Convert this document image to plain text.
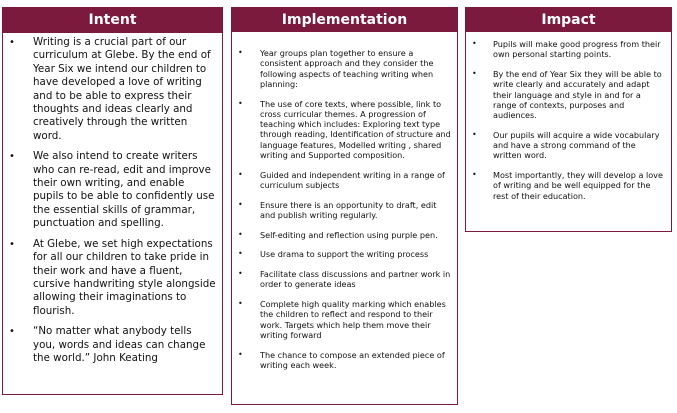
Intent
• Writing is a crucial part of our curriculum at Glebe. By the end of Year Six we intend our children to have developed a love of writing and to be able to express their thoughts and ideas clearly and creatively through the written word.
• We also intend to create writers who can re-read, edit and improve their own writing, and enable pupils to be able to confidently use the essential skills of grammar, punctuation and spelling.
• At Glebe, we set high expectations for all our children to take pride in their work and have a fluent, cursive handwriting style alongside allowing their imaginations to flourish.
• “No matter what anybody tells you, words and ideas can change the world.” John Keating
Implementation
• Year groups plan together to ensure a consistent approach and they consider the following aspects of teaching writing when planning:
• The use of core texts, where possible, link to cross curricular themes. A progression of teaching which includes: Exploring text type through reading, Identification of structure and language features, Modelled writing , shared writing and Supported composition.
• Guided and independent writing in a range of curriculum subjects
• Ensure there is an opportunity to draft, edit and publish writing regularly.
• Self-editing and reflection using purple pen.
• Use drama to support the writing process
• Facilitate class discussions and partner work in order to generate ideas
• Complete high quality marking which enables the children to reflect and respond to their work. Targets which help them move their writing forward
• The chance to compose an extended piece of writing each week.
Impact
• Pupils will make good progress from their own personal starting points.
• By the end of Year Six they will be able to write clearly and accurately and adapt their language and style in and for a range of contexts, purposes and audiences.
• Our pupils will acquire a wide vocabulary and have a strong command of the written word.
• Most importantly, they will develop a love of writing and be well equipped for the rest of their education.
